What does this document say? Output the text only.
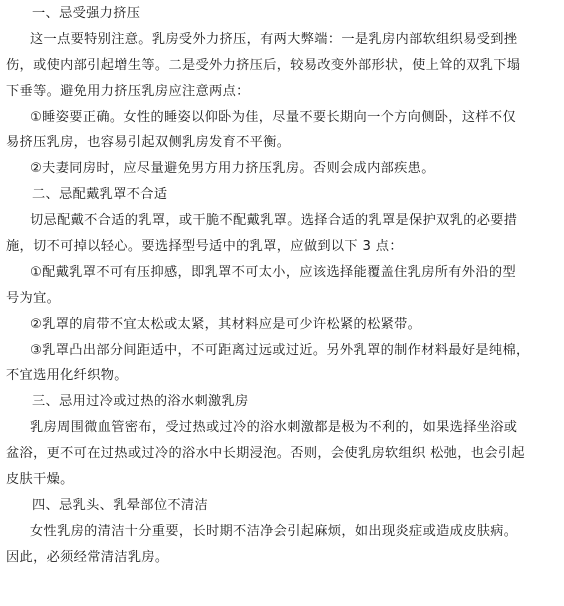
一、忌受强力挤压
这一点要特别注意。乳房受外力挤压，有两大弊端：一是乳房内部软组织易受到挫
伤，或使内部引起增生等。二是受外力挤压后，较易改变外部形状，使上耸的双乳下塌
下垂等。避免用力挤压乳房应注意两点：
①睡姿要正确。女性的睡姿以仰卧为佳，尽量不要长期向一个方向侧卧，这样不仅
易挤压乳房，也容易引起双侧乳房发育不平衡。
②夫妻同房时，应尽量避免男方用力挤压乳房。否则会成内部疾患。
二、忌配戴乳罩不合适
切忌配戴不合适的乳罩，或干脆不配戴乳罩。选择合适的乳罩是保护双乳的必要措
施，切不可掉以轻心。要选择型号适中的乳罩，应做到以下 3 点：
①配戴乳罩不可有压抑感，即乳罩不可太小，应该选择能覆盖住乳房所有外沿的型
号为宜。
②乳罩的肩带不宜太松或太紧，其材料应是可少许松紧的松紧带。
③乳罩凸出部分间距适中，不可距离过远或过近。另外乳罩的制作材料最好是纯棉，
不宜选用化纤织物。
三、忌用过冷或过热的浴水刺激乳房
乳房周围微血管密布，受过热或过冷的浴水刺激都是极为不利的，如果选择坐浴或
盆浴，更不可在过热或过冷的浴水中长期浸泡。否则，会使乳房软组织 松弛，也会引起
皮肤干燥。
四、忌乳头、乳晕部位不清洁
女性乳房的清洁十分重要，长时期不洁净会引起麻烦，如出现炎症或造成皮肤病。
因此，必须经常清洁乳房。
